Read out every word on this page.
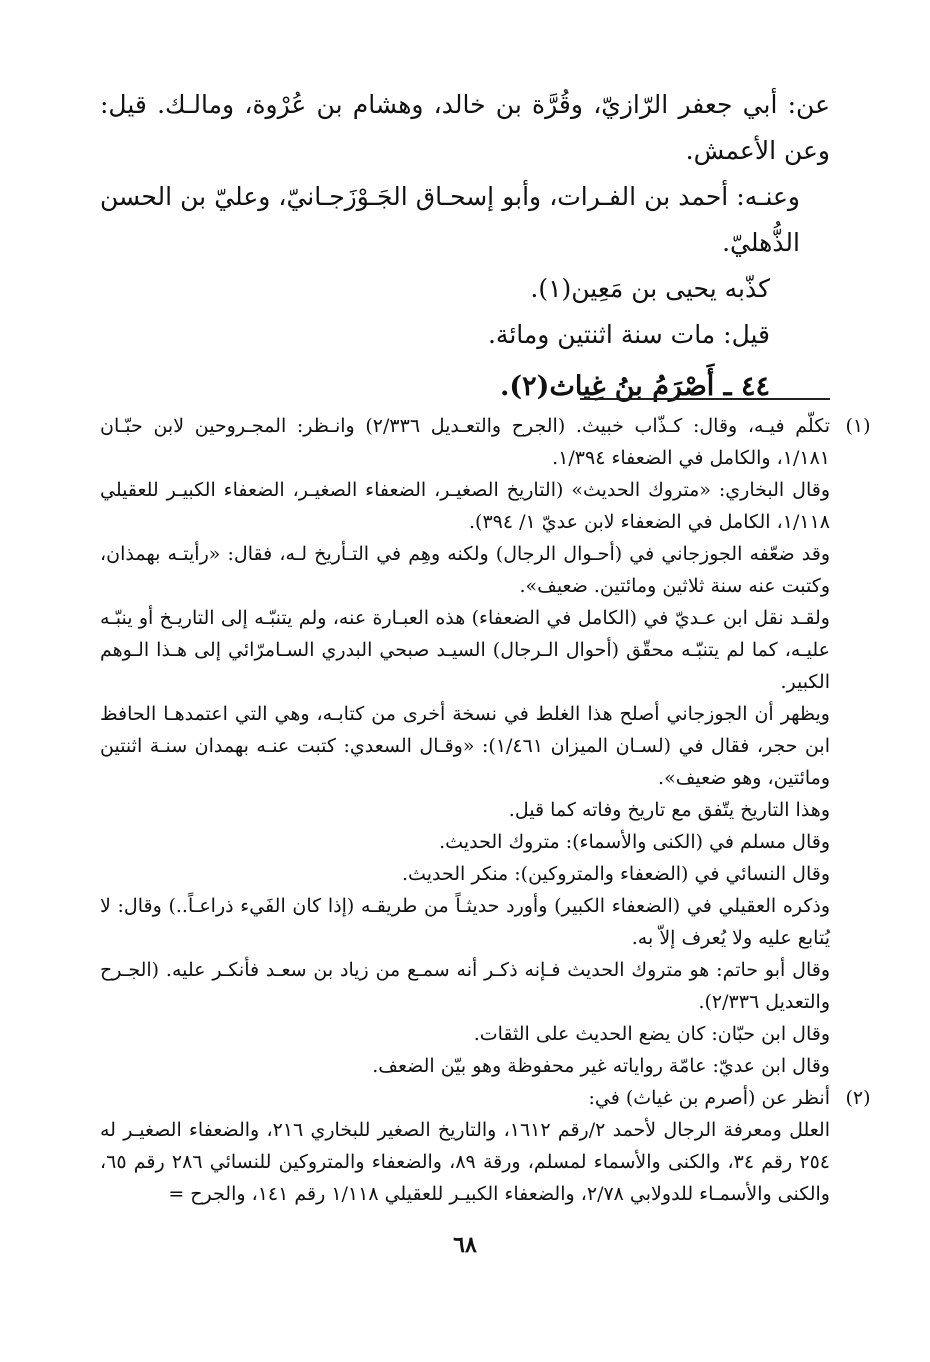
عن: أبي جعفر الرّازيّ، وقُرَّة بن خالد، وهشام بن عُرْوة، ومالـك. قيل: وعن الأعمش.

وعنـه: أحمد بن الفـرات، وأبو إسحـاق الجَـوْزَجـانيّ، وعليّ بن الحسن الذُّهليّ.

كذّبه يحيى بن مَعِين(١).

قيل: مات سنة اثنتين ومائة.

٤٤ ـ أَصْرَمُ بنُ غِياث(٢).

(١)

تكلّم فيـه، وقال: كـذّاب خبيث. (الجرح والتعـديل ٢/٣٣٦) وانـظر: المجـروحين لابن حبّـان ١/١٨١، والكامل في الضعفاء ١/٣٩٤.

وقال البخاري: «متروك الحديث» (التاريخ الصغيـر، الضعفاء الصغيـر، الضعفاء الكبيـر للعقيلي ١/١١٨، الكامل في الضعفاء لابن عديّ ١/ ٣٩٤).

وقد ضعّفه الجوزجاني في (أحـوال الرجال) ولكنه وهِم في التـأريخ لـه، فقال: «رأيتـه بهمذان، وكتبت عنه سنة ثلاثين ومائتين. ضعيف».

ولقـد نقل ابن عـديّ في (الكامل في الضعفاء) هذه العبـارة عنه، ولم يتنبّـه إلى التاريـخ أو ينبّـه عليـه، كما لم يتنبّـه محقّق (أحوال الـرجال) السيـد صبحي البدري السـامرّائي إلى هـذا الـوهم الكبير.

ويظهر أن الجوزجاني أصلح هذا الغلط في نسخة أخرى من كتابـه، وهي التي اعتمدهـا الحافظ ابن حجر، فقال في (لسـان الميزان ١/٤٦١): «وقـال السعدي: كتبت عنـه بهمدان سنـة اثنتين ومائتين، وهو ضعيف».

وهذا التاريخ يتّفق مع تاريخ وفاته كما قيل.

وقال مسلم في (الكنى والأسماء): متروك الحديث.

وقال النسائي في (الضعفاء والمتروكين): منكر الحديث.

وذكره العقيلي في (الضعفاء الكبير) وأورد حديثـاً من طريقـه (إذا كان الفَيء ذراعـاً..) وقال: لا يُتابع عليه ولا يُعرف إلاّ به.

وقال أبو حاتم: هو متروك الحديث فـإنه ذكـر أنه سمـع من زياد بن سعـد فأنكـر عليه. (الجـرح والتعديل ٢/٣٣٦).

وقال ابن حبّان: كان يضع الحديث على الثقات.

وقال ابن عديّ: عامّة رواياته غير محفوظة وهو بيّن الضعف.

(٢)

أنظر عن (أصرم بن غياث) في:

العلل ومعرفة الرجال لأحمد ٢/رقم ١٦١٢، والتاريخ الصغير للبخاري ٢١٦، والضعفاء الصغيـر له ٢٥٤ رقم ٣٤، والكنى والأسماء لمسلم، ورقة ٨٩، والضعفاء والمتروكين للنسائي ٢٨٦ رقم ٦٥، والكنى والأسمـاء للدولابي ٢/٧٨، والضعفاء الكبيـر للعقيلي ١/١١٨ رقم ١٤١، والجرح =

٦٨
